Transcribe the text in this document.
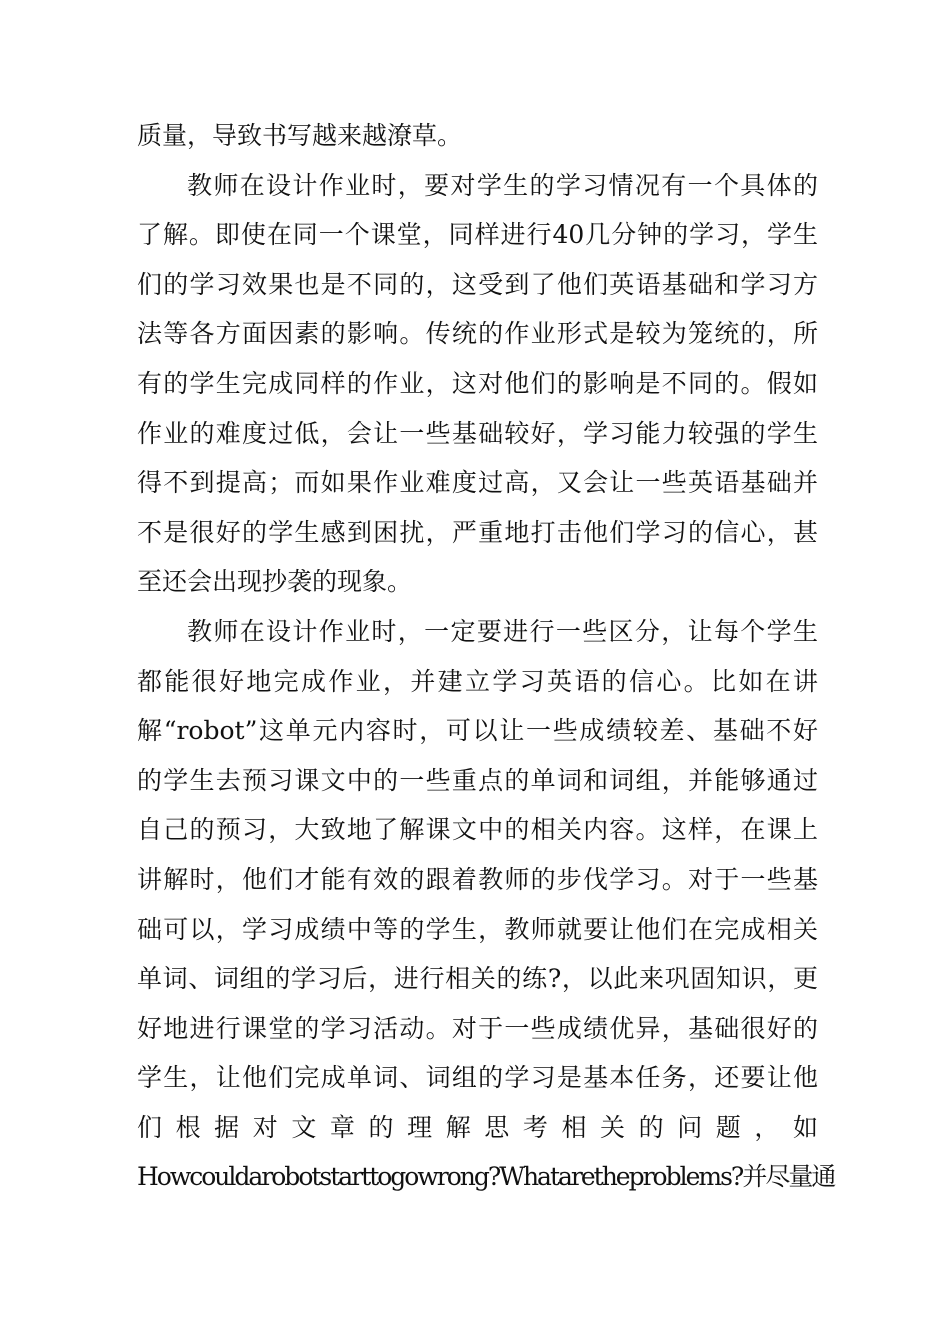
质量，导致书写越来越潦草。
教师在设计作业时，要对学生的学习情况有一个具体的
了解。即使在同一个课堂，同样进行40几分钟的学习，学生
们的学习效果也是不同的，这受到了他们英语基础和学习方
法等各方面因素的影响。传统的作业形式是较为笼统的，所
有的学生完成同样的作业，这对他们的影响是不同的。假如
作业的难度过低，会让一些基础较好，学习能力较强的学生
得不到提高；而如果作业难度过高，又会让一些英语基础并
不是很好的学生感到困扰，严重地打击他们学习的信心，甚
至还会出现抄袭的现象。
教师在设计作业时，一定要进行一些区分，让每个学生
都能很好地完成作业，并建立学习英语的信心。比如在讲
解“robot”这单元内容时，可以让一些成绩较差、基础不好
的学生去预习课文中的一些重点的单词和词组，并能够通过
自己的预习，大致地了解课文中的相关内容。这样，在课上
讲解时，他们才能有效的跟着教师的步伐学习。对于一些基
础可以，学习成绩中等的学生，教师就要让他们在完成相关
单词、词组的学习后，进行相关的练?，以此来巩固知识，更
好地进行课堂的学习活动。对于一些成绩优异，基础很好的
学生，让他们完成单词、词组的学习是基本任务，还要让他
们根据对文章的理解思考相关的问题，如
Howcouldarobotstarttogowrong?Whataretheproblems?并尽量通
